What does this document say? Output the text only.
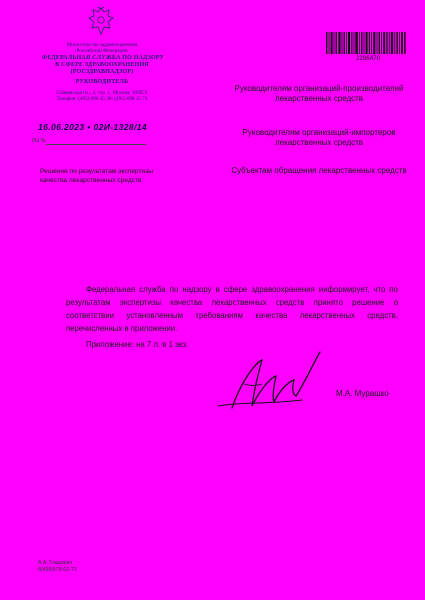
Министерство здравоохранения
Российской Федерации
ФЕДЕРАЛЬНАЯ СЛУЖБА ПО НАДЗОРУ
В СФЕРЕ ЗДРАВООХРАНЕНИЯ
(РОСЗДРАВНАДЗОР)
РУКОВОДИТЕЛЬ
Славянская пл., 4, стр. 1, Москва, 109074
Телефон: (495) 698 45 38; (495) 698 15 74
16.06.2023 • 02И-1328/14
На №
Решение по результатам экспертизы качества лекарственных средств
2296470
Руководителям организаций-производителей лекарственных средств
Руководителям организаций-импортеров лекарственных средств
Субъектам обращения лекарственных средств
Федеральная служба по надзору в сфере здравоохранения информирует, что по результатам экспертизы качества лекарственных средств принято решение о соответствии установленным требованиям качества лекарственных средств, перечисленных в приложении.
Приложение: на 7 л. в 1 экз.
М.А. Мурашко
А.А. Гладарин
8(499)578-02-72
